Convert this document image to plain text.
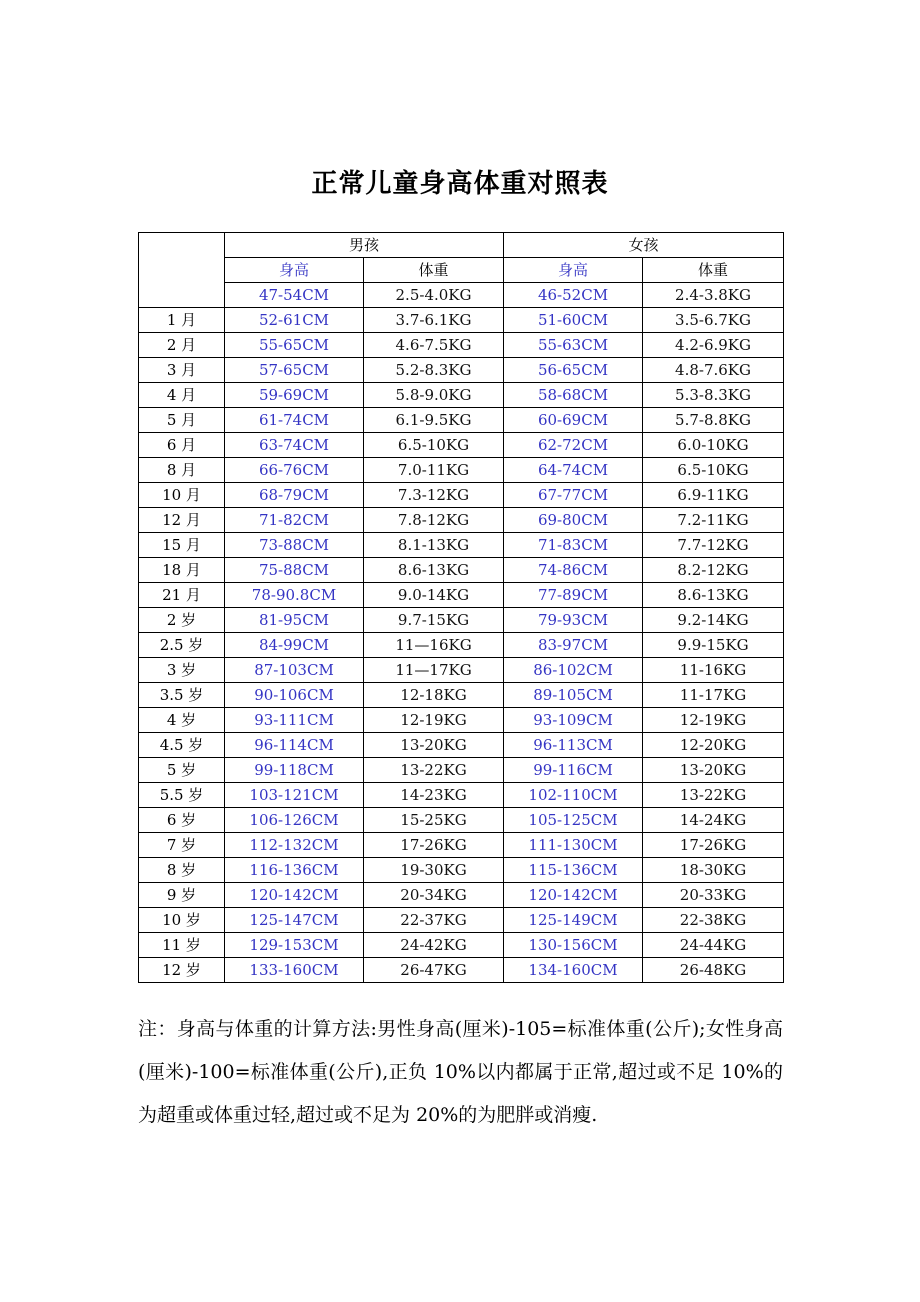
正常儿童身高体重对照表
	男孩		女孩	
	身高	体重	身高	体重
	47-54CM	2.5-4.0KG	46-52CM	2.4-3.8KG
1 月	52-61CM	3.7-6.1KG	51-60CM	3.5-6.7KG
2 月	55-65CM	4.6-7.5KG	55-63CM	4.2-6.9KG
3 月	57-65CM	5.2-8.3KG	56-65CM	4.8-7.6KG
4 月	59-69CM	5.8-9.0KG	58-68CM	5.3-8.3KG
5 月	61-74CM	6.1-9.5KG	60-69CM	5.7-8.8KG
6 月	63-74CM	6.5-10KG	62-72CM	6.0-10KG
8 月	66-76CM	7.0-11KG	64-74CM	6.5-10KG
10 月	68-79CM	7.3-12KG	67-77CM	6.9-11KG
12 月	71-82CM	7.8-12KG	69-80CM	7.2-11KG
15 月	73-88CM	8.1-13KG	71-83CM	7.7-12KG
18 月	75-88CM	8.6-13KG	74-86CM	8.2-12KG
21 月	78-90.8CM	9.0-14KG	77-89CM	8.6-13KG
2 岁	81-95CM	9.7-15KG	79-93CM	9.2-14KG
2.5 岁	84-99CM	11—16KG	83-97CM	9.9-15KG
3 岁	87-103CM	11—17KG	86-102CM	11-16KG
3.5 岁	90-106CM	12-18KG	89-105CM	11-17KG
4 岁	93-111CM	12-19KG	93-109CM	12-19KG
4.5 岁	96-114CM	13-20KG	96-113CM	12-20KG
5 岁	99-118CM	13-22KG	99-116CM	13-20KG
5.5 岁	103-121CM	14-23KG	102-110CM	13-22KG
6 岁	106-126CM	15-25KG	105-125CM	14-24KG
7 岁	112-132CM	17-26KG	111-130CM	17-26KG
8 岁	116-136CM	19-30KG	115-136CM	18-30KG
9 岁	120-142CM	20-34KG	120-142CM	20-33KG
10 岁	125-147CM	22-37KG	125-149CM	22-38KG
11 岁	129-153CM	24-42KG	130-156CM	24-44KG
12 岁	133-160CM	26-47KG	134-160CM	26-48KG
注：身高与体重的计算方法:男性身高(厘米)-105=标准体重(公斤);女性身高(厘米)-100=标准体重(公斤),正负 10%以内都属于正常,超过或不足 10%的为超重或体重过轻,超过或不足为 20%的为肥胖或消瘦.
